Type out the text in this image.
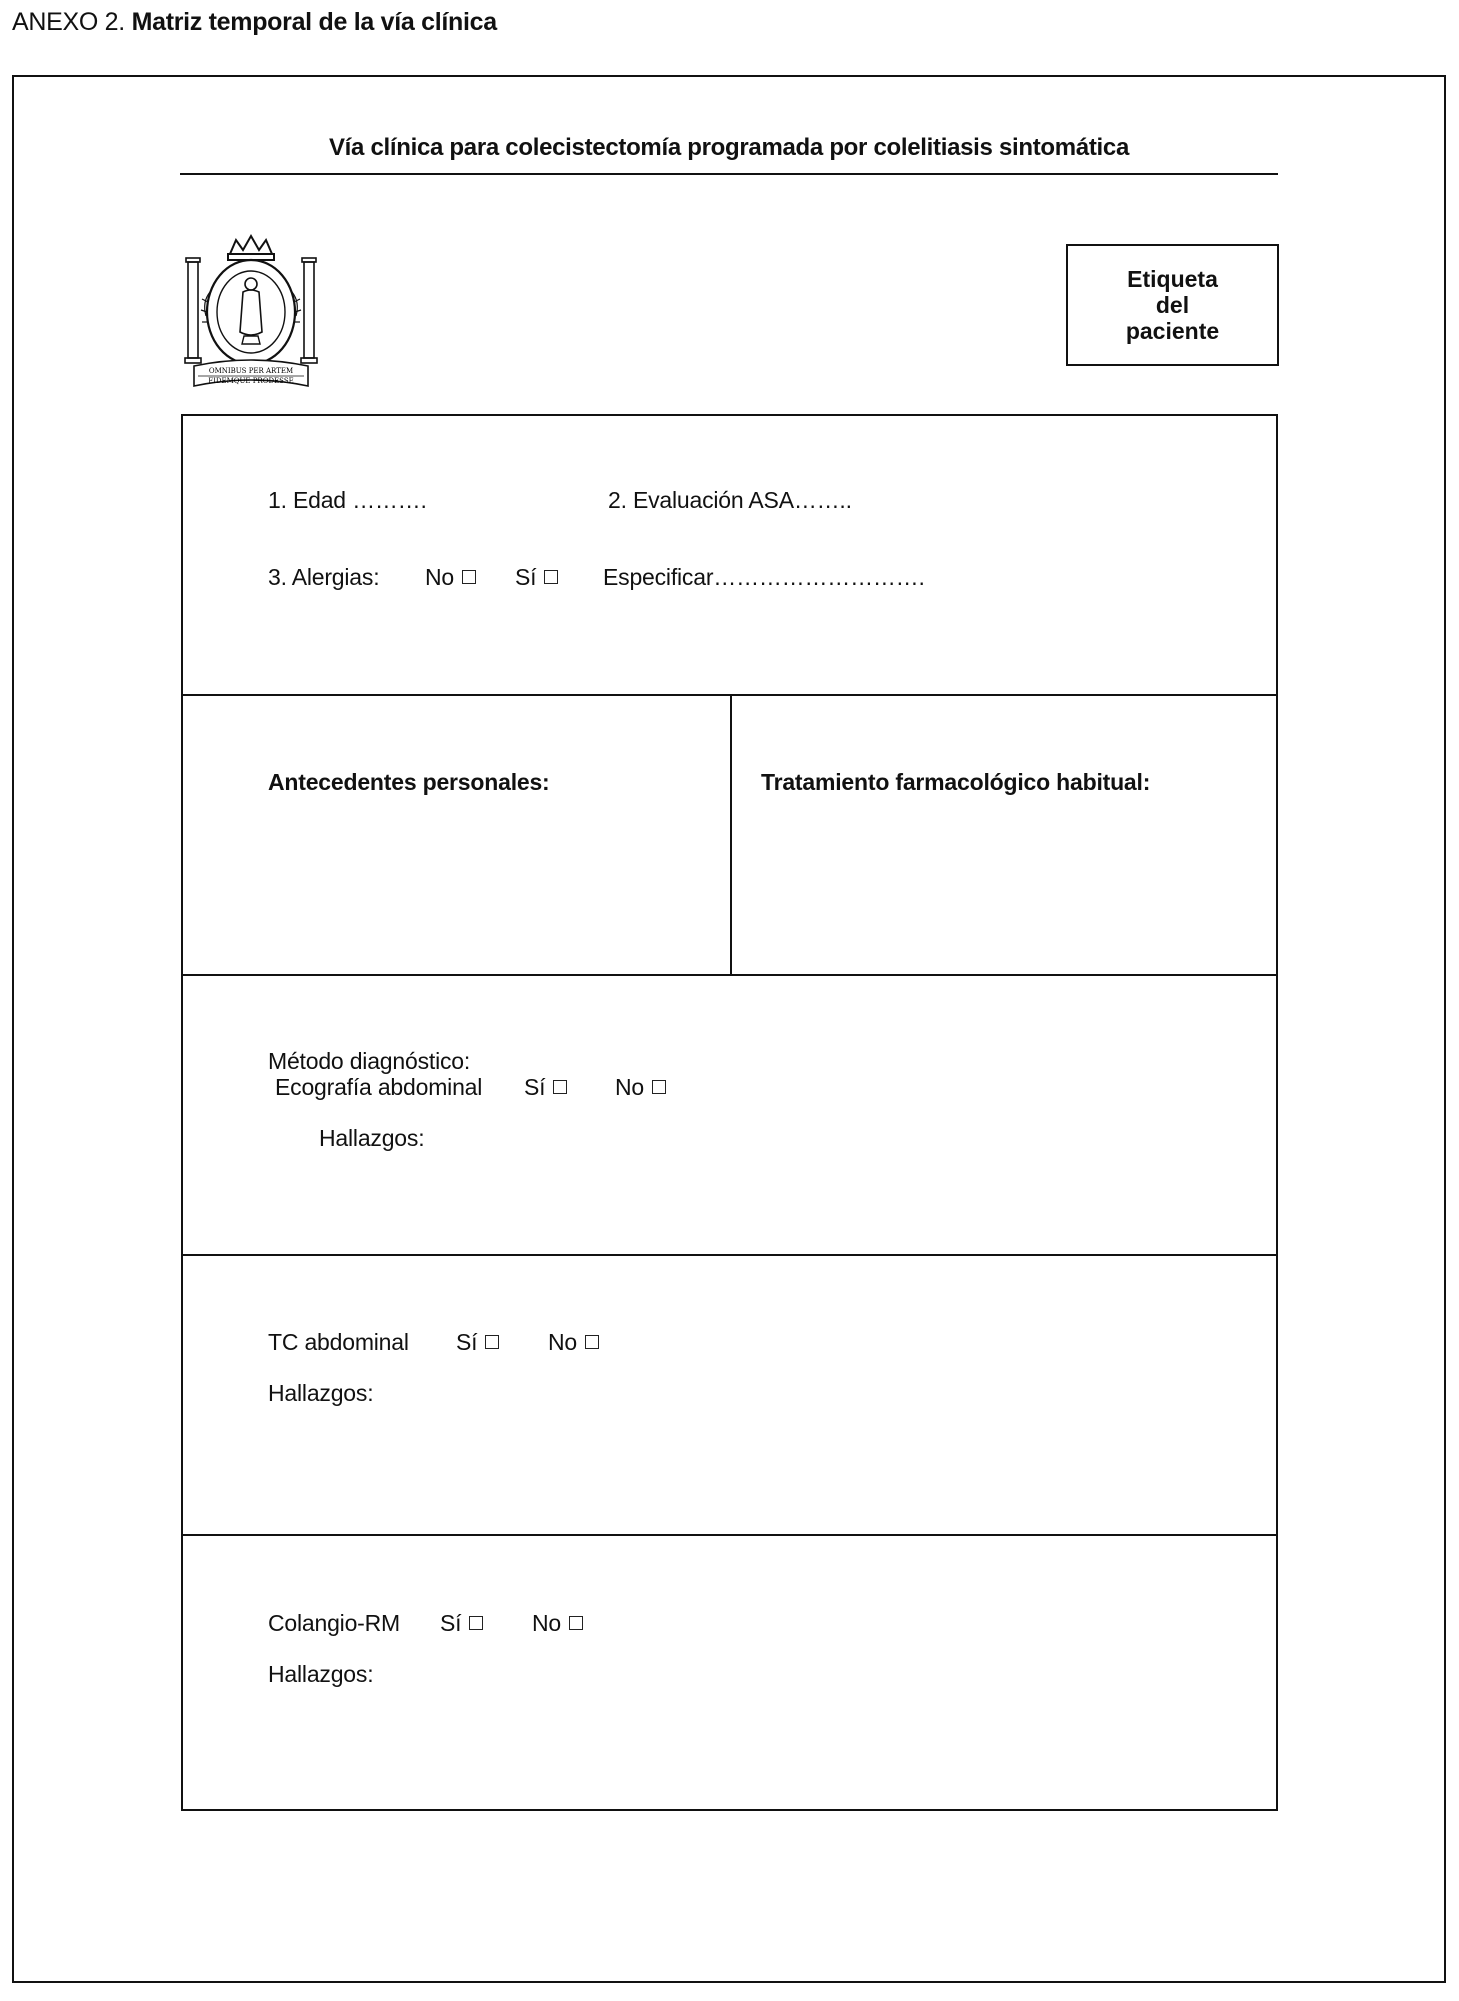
ANEXO 2. Matriz temporal de la vía clínica
Vía clínica para colecistectomía programada por colelitiasis sintomática
OMNIBUS PER ARTEM
FIDEMQUE PRODESSE
Etiqueta del paciente
1. Edad ……….	2. Evaluación ASA……..
3. Alergias: No	Sí	Especificar……………………….
Antecedentes personales:	Tratamiento farmacológico habitual:
Método diagnóstico:
Ecografía abdominal Sí	No
Hallazgos:
TC abdominal Sí	No
Hallazgos:
Colangio-RM Sí	No
Hallazgos:
